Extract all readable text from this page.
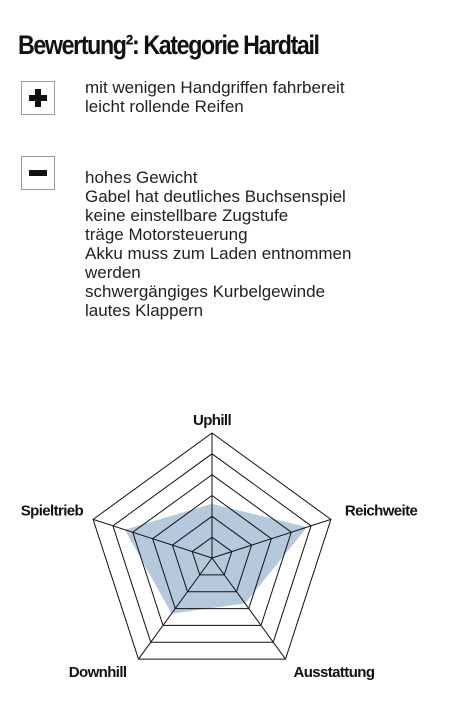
Bewertung²: Kategorie Hardtail
mit wenigen Handgriffen fahrbereit
leicht rollende Reifen
hohes Gewicht
Gabel hat deutliches Buchsenspiel
keine einstellbare Zugstufe
träge Motorsteuerung
Akku muss zum Laden entnommen
werden
schwergängiges Kurbelgewinde
lautes Klappern
Uphill
Reichweite
Ausstattung
Downhill
Spieltrieb
